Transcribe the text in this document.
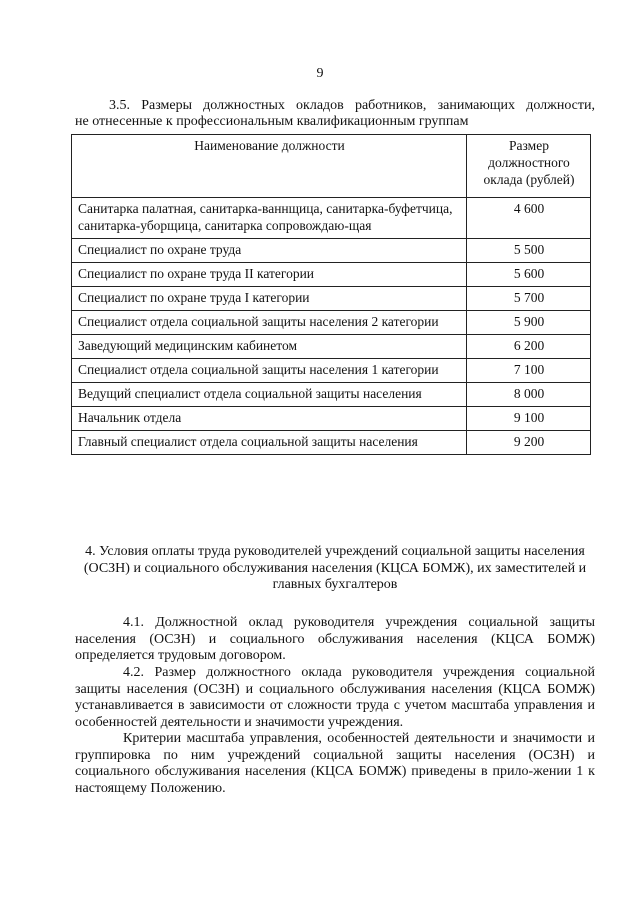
9
3.5. Размеры должностных окладов работников, занимающих должности,
не отнесенные к профессиональным квалификационным группам
Наименование должности	Размер должностного оклада (рублей)
Санитарка палатная, санитарка-ваннщица, санитарка-буфетчица, санитарка-уборщица, санитарка сопровождаю-щая	4 600
Специалист по охране труда	5 500
Специалист по охране труда II категории	5 600
Специалист по охране труда I категории	5 700
Специалист отдела социальной защиты населения 2 категории	5 900
Заведующий медицинским кабинетом	6 200
Специалист отдела социальной защиты населения 1 категории	7 100
Ведущий специалист отдела социальной защиты населения	8 000
Начальник отдела	9 100
Главный специалист отдела социальной защиты населения	9 200
4. Условия оплаты труда руководителей учреждений социальной защиты населения (ОСЗН) и социального обслуживания населения (КЦСА БОМЖ), их заместителей и главных бухгалтеров
4.1. Должностной оклад руководителя учреждения социальной защиты населения (ОСЗН) и социального обслуживания населения (КЦСА БОМЖ) определяется трудовым договором.
4.2. Размер должностного оклада руководителя учреждения социальной защиты населения (ОСЗН) и социального обслуживания населения (КЦСА БОМЖ) устанавливается в зависимости от сложности труда с учетом масштаба управления и особенностей деятельности и значимости учреждения.
Критерии масштаба управления, особенностей деятельности и значимости и группировка по ним учреждений социальной защиты населения (ОСЗН) и социального обслуживания населения (КЦСА БОМЖ) приведены в прило-жении 1 к настоящему Положению.
